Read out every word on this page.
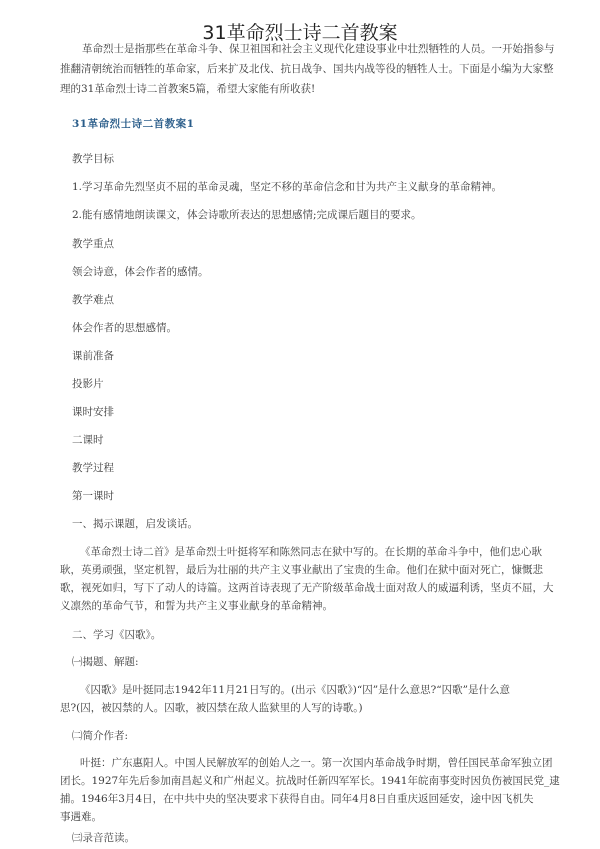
31革命烈士诗二首教案
革命烈士是指那些在革命斗争、保卫祖国和社会主义现代化建设事业中壮烈牺牲的人员。一开始指参与
推翻清朝统治而牺牲的革命家，后来扩及北伐、抗日战争、国共内战等役的牺牲人士。下面是小编为大家整
理的31革命烈士诗二首教案5篇，希望大家能有所收获!
31革命烈士诗二首教案1
教学目标
1.学习革命先烈坚贞不屈的革命灵魂，坚定不移的革命信念和甘为共产主义献身的革命精神。
2.能有感情地朗读课文，体会诗歌所表达的思想感情;完成课后题目的要求。
教学重点
领会诗意，体会作者的感情。
教学难点
体会作者的思想感情。
课前准备
投影片
课时安排
二课时
教学过程
第一课时
一、揭示课题，启发谈话。
《革命烈士诗二首》是革命烈士叶挺将军和陈然同志在狱中写的。在长期的革命斗争中，他们忠心耿
耿，英勇顽强，坚定机智，最后为壮丽的共产主义事业献出了宝贵的生命。他们在狱中面对死亡，慷慨悲
歌，视死如归，写下了动人的诗篇。这两首诗表现了无产阶级革命战士面对敌人的威逼利诱，坚贞不屈，大
义凛然的革命气节，和誓为共产主义事业献身的革命精神。
二、学习《囚歌》。
㈠揭题、解题:
《囚歌》是叶挺同志1942年11月21日写的。(出示《囚歌》)“囚”是什么意思?“囚歌”是什么意
思?(囚，被囚禁的人。囚歌，被囚禁在敌人监狱里的人写的诗歌。)
㈡简介作者:
叶挺：广东惠阳人。中国人民解放军的创始人之一。第一次国内革命战争时期，曾任国民革命军独立团
团长。1927年先后参加南昌起义和广州起义。抗战时任新四军军长。1941年皖南事变时因负伤被国民党_逮
捕。1946年3月4日，在中共中央的坚决要求下获得自由。同年4月8日自重庆返回延安，途中因飞机失
事遇难。
㈢录音范读。
